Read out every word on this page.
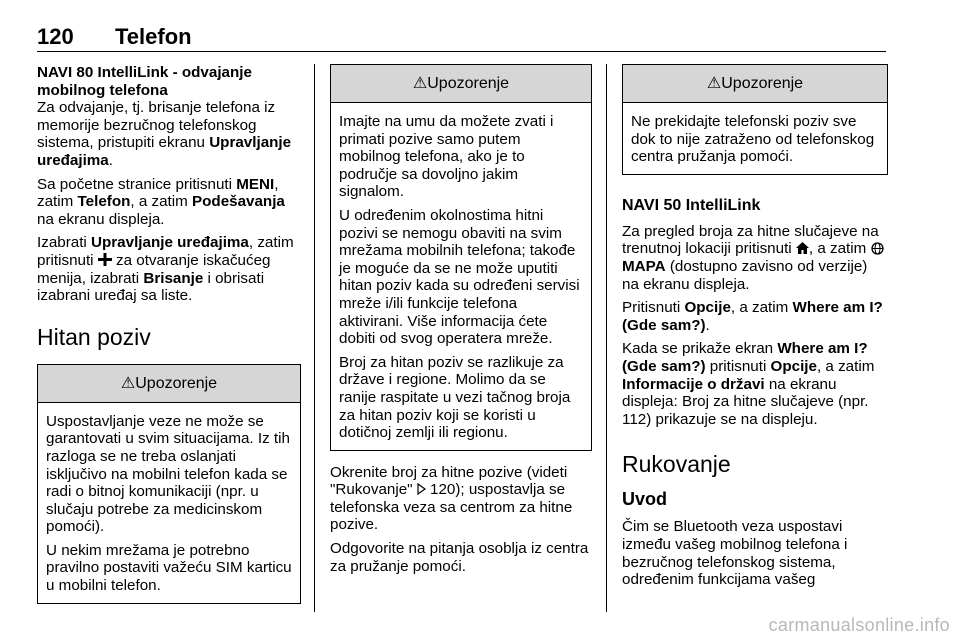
120 Telefon
NAVI 80 IntelliLink - odvajanje mobilnog telefona

Za odvajanje, tj. brisanje telefona iz memorije bezručnog telefonskog sistema, pristupiti ekranu Upravljanje uređajima.

Sa početne stranice pritisnuti MENI, zatim Telefon, a zatim Podešavanja na ekranu displeja.

Izabrati Upravljanje uređajima, zatim pritisnuti  za otvaranje iskačućeg menija, izabrati Brisanje i obrisati izabrani uređaj sa liste.

Hitan poziv
⚠Upozorenje

Uspostavljanje veze ne može se garantovati u svim situacijama. Iz tih razloga se ne treba oslanjati isključivo na mobilni telefon kada se radi o bitnoj komunikaciji (npr. u slučaju potrebe za medicinskom pomoći).

U nekim mrežama je potrebno pravilno postaviti važeću SIM karticu u mobilni telefon.

⚠Upozorenje

Imajte na umu da možete zvati i primati pozive samo putem mobilnog telefona, ako je to područje sa dovoljno jakim signalom.

U određenim okolnostima hitni pozivi se nemogu obaviti na svim mrežama mobilnih telefona; takođe je moguće da se ne može uputiti hitan poziv kada su određeni servisi mreže i/ili funkcije telefona aktivirani. Više informacija ćete dobiti od svog operatera mreže.

Broj za hitan poziv se razlikuje za države i regione. Molimo da se ranije raspitate u vezi tačnog broja za hitan poziv koji se koristi u dotičnoj zemlji ili regionu.

Okrenite broj za hitne pozive (videti "Rukovanje"  120); uspostavlja se telefonska veza sa centrom za hitne pozive.

Odgovorite na pitanja osoblja iz centra za pružanje pomoći.

⚠Upozorenje

Ne prekidajte telefonski poziv sve dok to nije zatraženo od telefonskog centra pružanja pomoći.

NAVI 50 IntelliLink

Za pregled broja za hitne slučajeve na trenutnoj lokaciji pritisnuti , a zatim MAPA (dostupno zavisno od verzije) na ekranu displeja.

Pritisnuti Opcije, a zatim Where am I? (Gde sam?).

Kada se prikaže ekran Where am I? (Gde sam?) pritisnuti Opcije, a zatim Informacije o državi na ekranu displeja: Broj za hitne slučajeve (npr. 112) prikazuje se na displeju.

Rukovanje
Uvod

Čim se Bluetooth veza uspostavi između vašeg mobilnog telefona i bezručnog telefonskog sistema, određenim funkcijama vašeg

carmanualsonline.info
